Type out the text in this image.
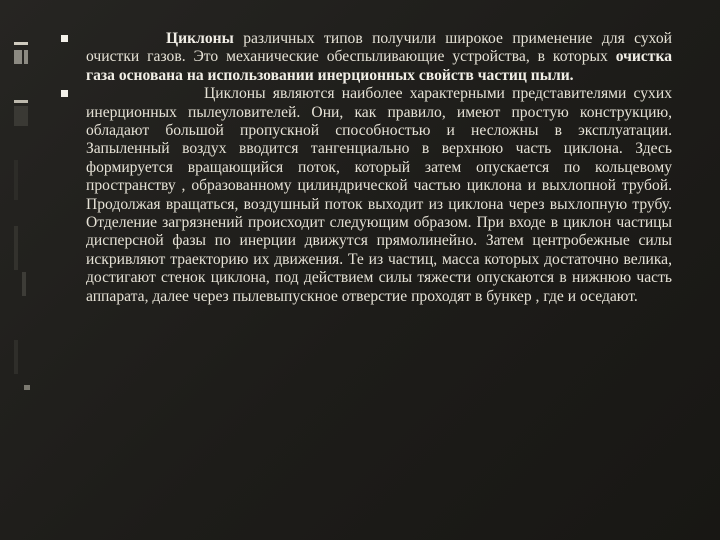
Циклоны различных типов получили широкое применение для сухой очистки газов. Это механические обеспыливающие устройства, в которых очистка газа основана на использовании инерционных свойств частиц пыли.

Циклоны являются наиболее характерными представителями сухих инерционных пылеуловителей. Они, как правило, имеют простую конструкцию, обладают большой пропускной способностью и несложны в эксплуатации. Запыленный воздух вводится тангенциально в верхнюю часть циклона. Здесь формируется вращающийся поток, который затем опускается по кольцевому пространству , образованному цилиндрической частью циклона и выхлопной трубой. Продолжая вращаться, воздушный поток выходит из циклона через выхлопную трубу. Отделение загрязнений происходит следующим образом. При входе в циклон частицы дисперсной фазы по инерции движутся прямолинейно. Затем центробежные силы искривляют траекторию их движения. Те из частиц, масса которых достаточно велика, достигают стенок циклона, под действием силы тяжести опускаются в нижнюю часть аппарата, далее через пылевыпускное отверстие проходят в бункер , где и оседают.
